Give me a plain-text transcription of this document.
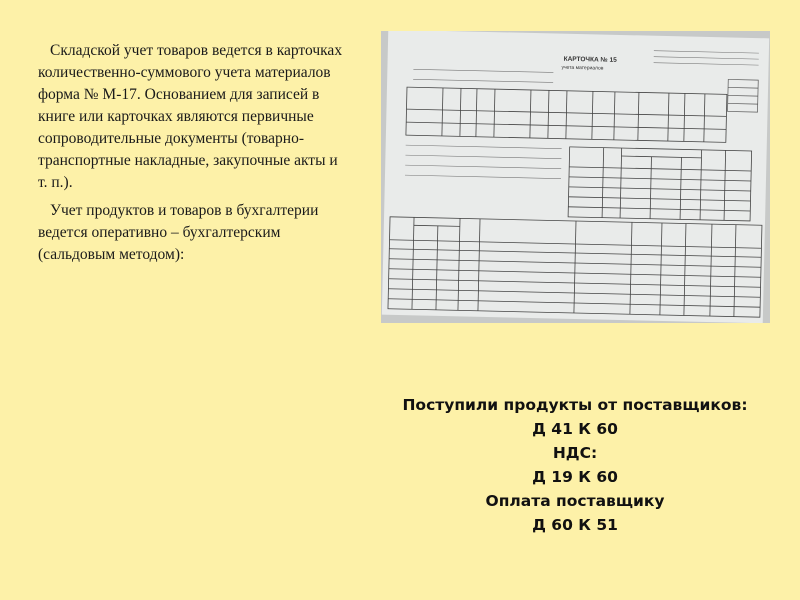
Складской учет товаров ведется в карточках количественно-суммового учета материалов форма № М-17. Основанием для записей в книге или карточках являются первичные сопроводительные документы (товарно-транспортные накладные, закупочные акты и т. п.).

Учет продуктов и товаров в бухгалтерии ведется оперативно – бухгалтерским (сальдовым методом):

КАРТОЧКА № 15
учета материалов
Поступили продукты от поставщиков:
Д 41 К 60
НДС:
Д 19 К 60
Оплата поставщику
Д 60 К 51
